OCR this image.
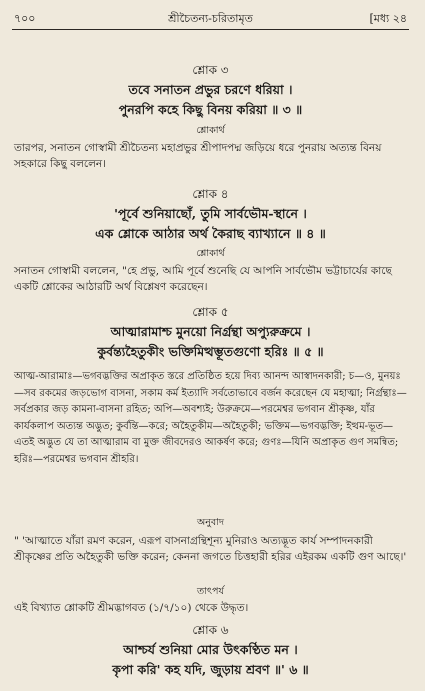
৭০০	শ্রীচৈতন্য-চরিতামৃত	[মধ্য ২৪
শ্লোক ৩
তবে সনাতন প্রভুর চরণে ধরিয়া ।
পুনরপি কহে কিছু বিনয় করিয়া ॥ ৩ ॥
শ্লোকার্থ
তারপর, সনাতন গোস্বামী শ্রীচৈতন্য মহাপ্রভুর শ্রীপাদপদ্ম জড়িয়ে ধরে পুনরায় অত্যন্ত বিনয় সহকারে কিছু বললেন।
শ্লোক ৪
'পূর্বে শুনিয়াছোঁ, তুমি সার্বভৌম-স্থানে ।
এক শ্লোকে আঠার অর্থ কৈরাছ ব্যাখ্যানে ॥ ৪ ॥
শ্লোকার্থ
সনাতন গোস্বামী বললেন, "হে প্রভু, আমি পূর্বে শুনেছি যে আপনি সার্বভৌম ভট্টাচার্যের কাছে একটি শ্লোকের আঠারটি অর্থ বিশ্লেষণ করেছেন।
শ্লোক ৫
আত্মারামাশ্চ মুনয়ো নির্গ্রন্থা অপ্যুরুক্রমে ।
কুর্বন্ত্যহৈতুকীং ভক্তিমিত্থম্ভূতগুণো হরিঃ ॥ ৫ ॥
আত্ম-আরামাঃ—ভগবদ্ভক্তির অপ্রাকৃত স্তরে প্রতিষ্ঠিত হয়ে দিব্য আনন্দ আস্বাদনকারী; চ—ও, মুনয়ঃ—সব রকমের জড়ভোগ বাসনা, সকাম কর্ম ইত্যাদি সর্বতোভাবে বর্জন করেছেন যে মহাত্মা; নির্গ্রন্থাঃ—সর্বপ্রকার জড় কামনা-বাসনা রহিত; অপি—অবশ্যই; উরুক্রমে—পরমেশ্বর ভগবান শ্রীকৃষ্ণ, যাঁর কার্যকলাপ অত্যন্ত অদ্ভুত; কুর্বন্তি—করে; অহৈতুকীম—অহৈতুকী; ভক্তিম—ভগবদ্ভক্তি; ইত্থম-ভূত—এতই অদ্ভুত যে তা আত্মারাম বা মুক্ত জীবদেরও আকর্ষণ করে; গুণঃ—যিনি অপ্রাকৃত গুণ সমন্বিত; হরিঃ—পরমেশ্বর ভগবান শ্রীহরি।
অনুবাদ
" 'আত্মাতে যাঁরা রমণ করেন, এরূপ বাসনাগ্রন্থিশূন্য মুনিরাও অত্যদ্ভূত কার্য সম্পাদনকারী শ্রীকৃষ্ণের প্রতি অহৈতুকী ভক্তি করেন; কেননা জগতে চিত্তহারী হরির এইরকম একটি গুণ আছে।'
তাৎপর্য
এই বিখ্যাত শ্লোকটি শ্রীমদ্ভাগবত (১/৭/১০) থেকে উদ্ধৃত।
শ্লোক ৬
আশ্চর্য শুনিয়া মোর উৎকণ্ঠিত মন ।
কৃপা করি' কহ যদি, জুড়ায় শ্রবণ ॥' ৬ ॥
